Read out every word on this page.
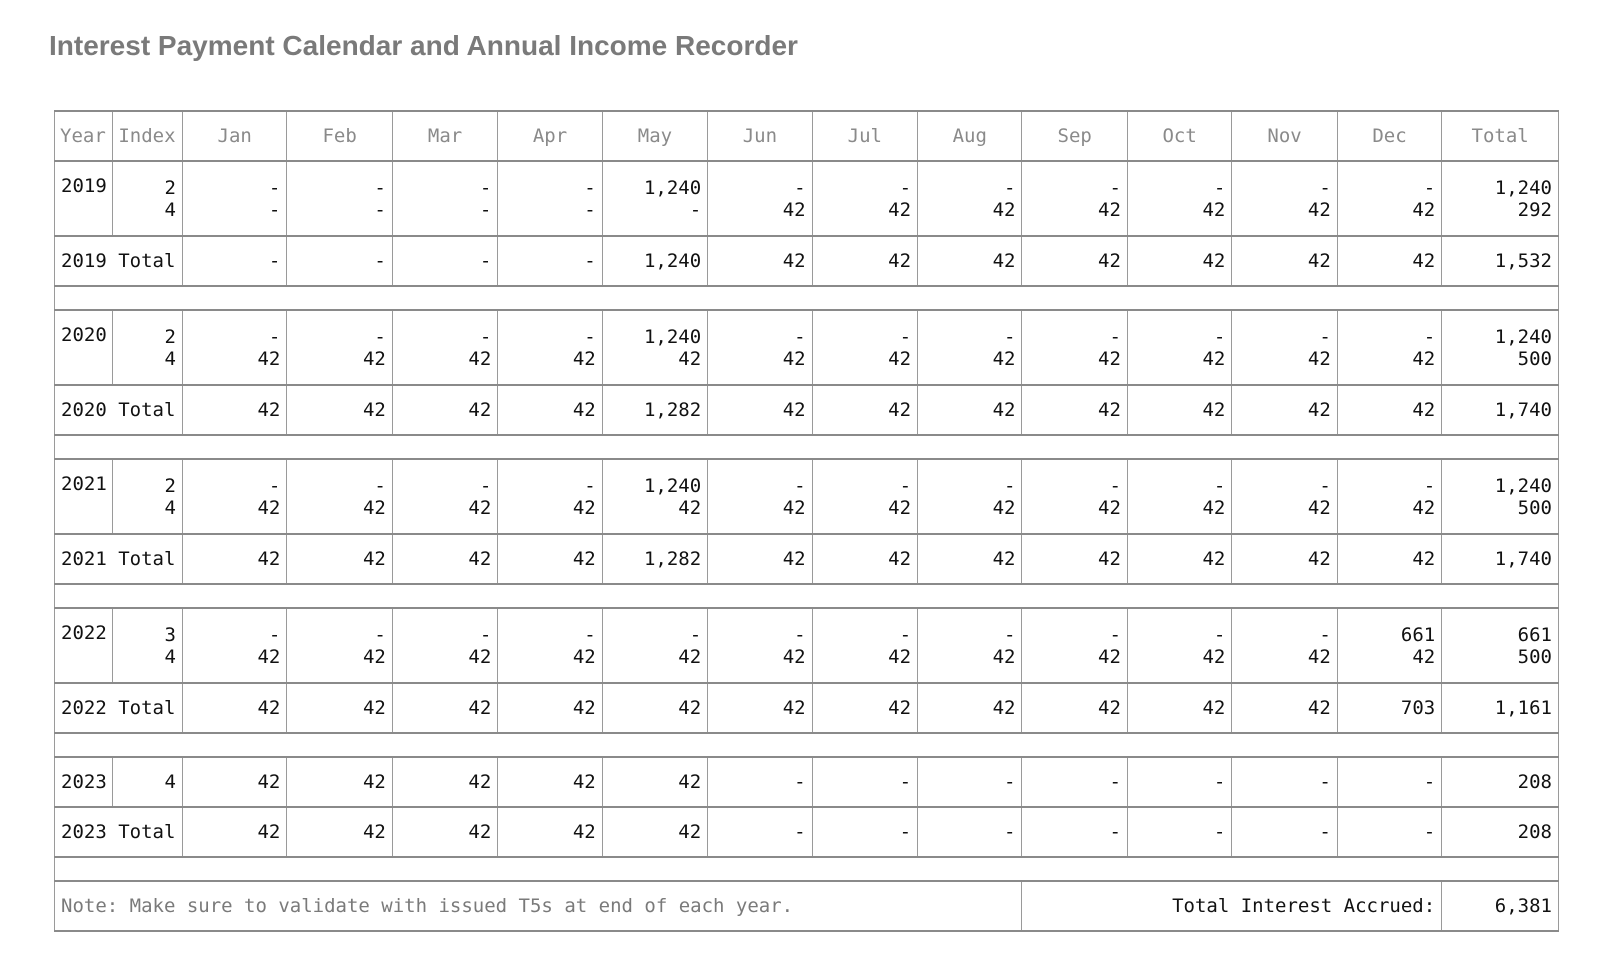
Interest Payment Calendar and Annual Income Recorder
Year	Index	Jan	Feb	Mar	Apr	May	Jun	Jul	Aug	Sep	Oct	Nov	Dec	Total
2019	2	-	-	-	-	1,240	-	-	-	-	-	-	-	1,240
	4	-	-	-	-	-	42	42	42	42	42	42	42	292
2019 Total		-	-	-	-	1,240	42	42	42	42	42	42	42	1,532

2020	2	-	-	-	-	1,240	-	-	-	-	-	-	-	1,240
	4	42	42	42	42	42	42	42	42	42	42	42	42	500
2020 Total		42	42	42	42	1,282	42	42	42	42	42	42	42	1,740

2021	2	-	-	-	-	1,240	-	-	-	-	-	-	-	1,240
	4	42	42	42	42	42	42	42	42	42	42	42	42	500
2021 Total		42	42	42	42	1,282	42	42	42	42	42	42	42	1,740

2022	3	-	-	-	-	-	-	-	-	-	-	-	661	661
	4	42	42	42	42	42	42	42	42	42	42	42	42	500
2022 Total		42	42	42	42	42	42	42	42	42	42	42	703	1,161

2023	4	42	42	42	42	42	-	-	-	-	-	-	-	208
2023 Total		42	42	42	42	42	-	-	-	-	-	-	-	208

Note: Make sure to validate with issued T5s at end of each year.										Total Interest Accrued:				6,381
